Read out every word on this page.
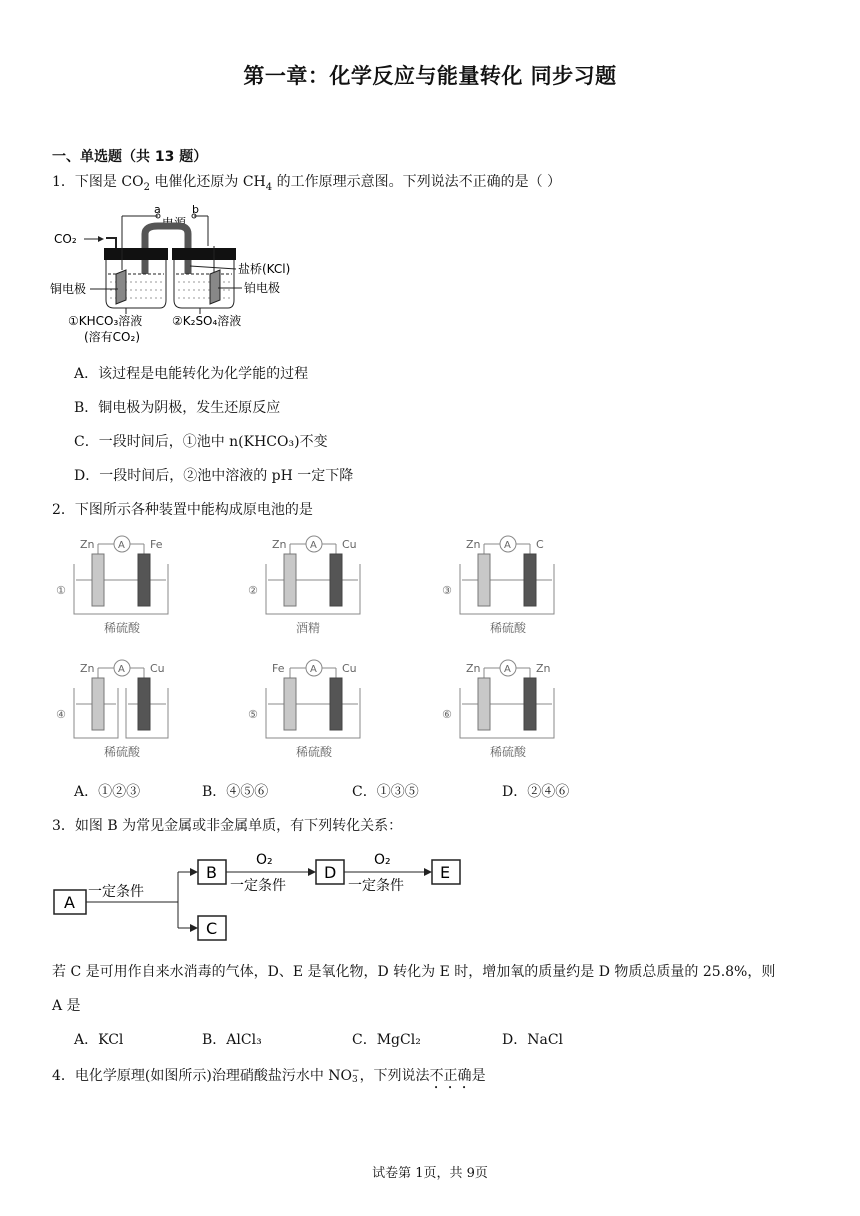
第一章：化学反应与能量转化 同步习题
一、单选题（共 13 题）
1．下图是 $CO_2$ 电催化还原为 $CH_4$ 的工作原理示意图。下列说法不正确的是（ ）
a	b
电源
CO₂
盐桥(KCl)
铜电极	铂电极
①KHCO₃溶液
(溶有CO₂)
②K₂SO₄溶液
A．该过程是电能转化为化学能的过程
B．铜电极为阴极，发生还原反应
C．一段时间后，①池中 n(KHCO₃)不变
D．一段时间后，②池中溶液的 pH 一定下降
2．下图所示各种装置中能构成原电池的是
①
A
Zn	Fe
稀硫酸
②
A
Zn	Cu
酒精
③
A
Zn	C
稀硫酸
④
A
Zn	Cu
稀硫酸
⑤
A
Fe	Cu
稀硫酸
⑥
A
Zn	Zn
稀硫酸
A．①②③	B．④⑤⑥	C．①③⑤	D．②④⑥
3．如图 B 为常见金属或非金属单质，有下列转化关系：
A
一定条件
B
C
O₂
一定条件
D
O₂
一定条件
E
若 C 是可用作自来水消毒的气体，D、E 是氧化物，D 转化为 E 时，增加氧的质量约是 D 物质总质量的 25.8%，则
A 是
A．KCl	B．AlCl₃	C．MgCl₂	D．NaCl
4．电化学原理(如图所示)治理硝酸盐污水中 NO −
3 ，下列说法不正确是
试卷第 1页，共 9页
